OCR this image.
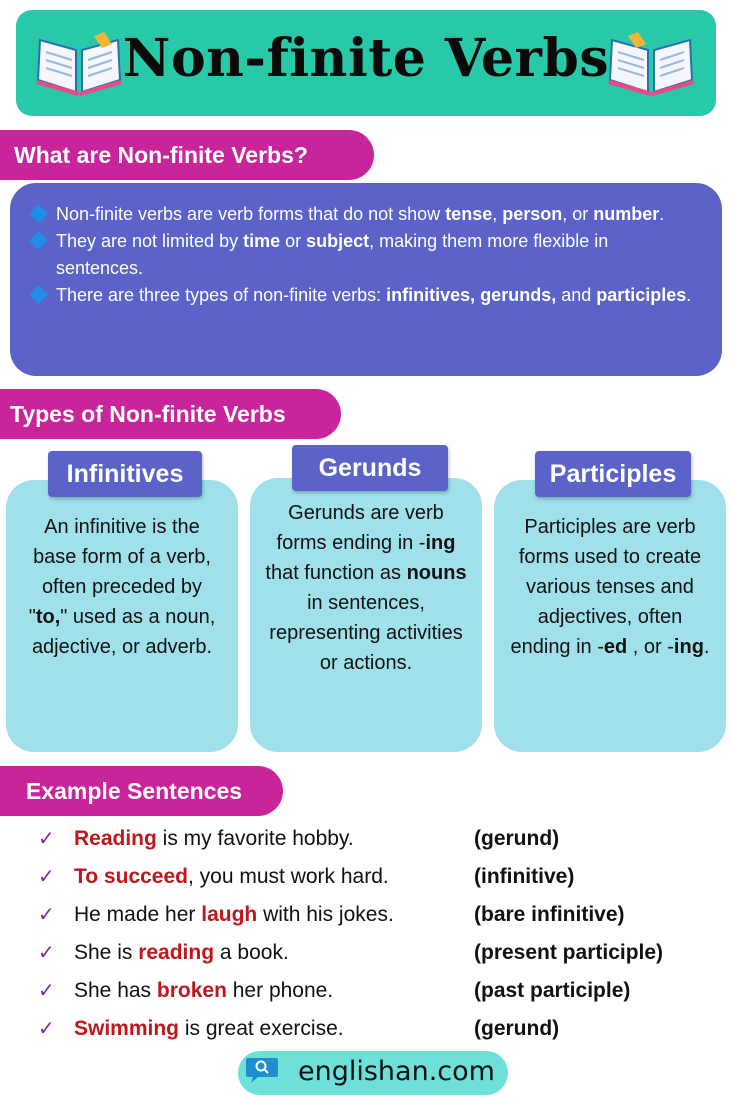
Non-finite Verbs
What are Non-finite Verbs?
Non-finite verbs are verb forms that do not show tense, person, or number.
They are not limited by time or subject, making them more flexible in sentences.
There are three types of non-finite verbs: infinitives, gerunds, and participles.
Types of Non-finite Verbs
An infinitive is the base form of a verb, often preceded by "to," used as a noun, adjective, or adverb.
Gerunds are verb forms ending in -ing that function as nouns in sentences, representing activities or actions.
Participles are verb forms used to create various tenses and adjectives, often ending in -ed , or -ing.
Infinitives	Gerunds	Participles
Example Sentences
✓ Reading is my favorite hobby.	(gerund)
✓ To succeed, you must work hard.	(infinitive)
✓ He made her laugh with his jokes.	(bare infinitive)
✓ She is reading a book.	(present participle)
✓ She has broken her phone.	(past participle)
✓ Swimming is great exercise.	(gerund)
englishan.com
